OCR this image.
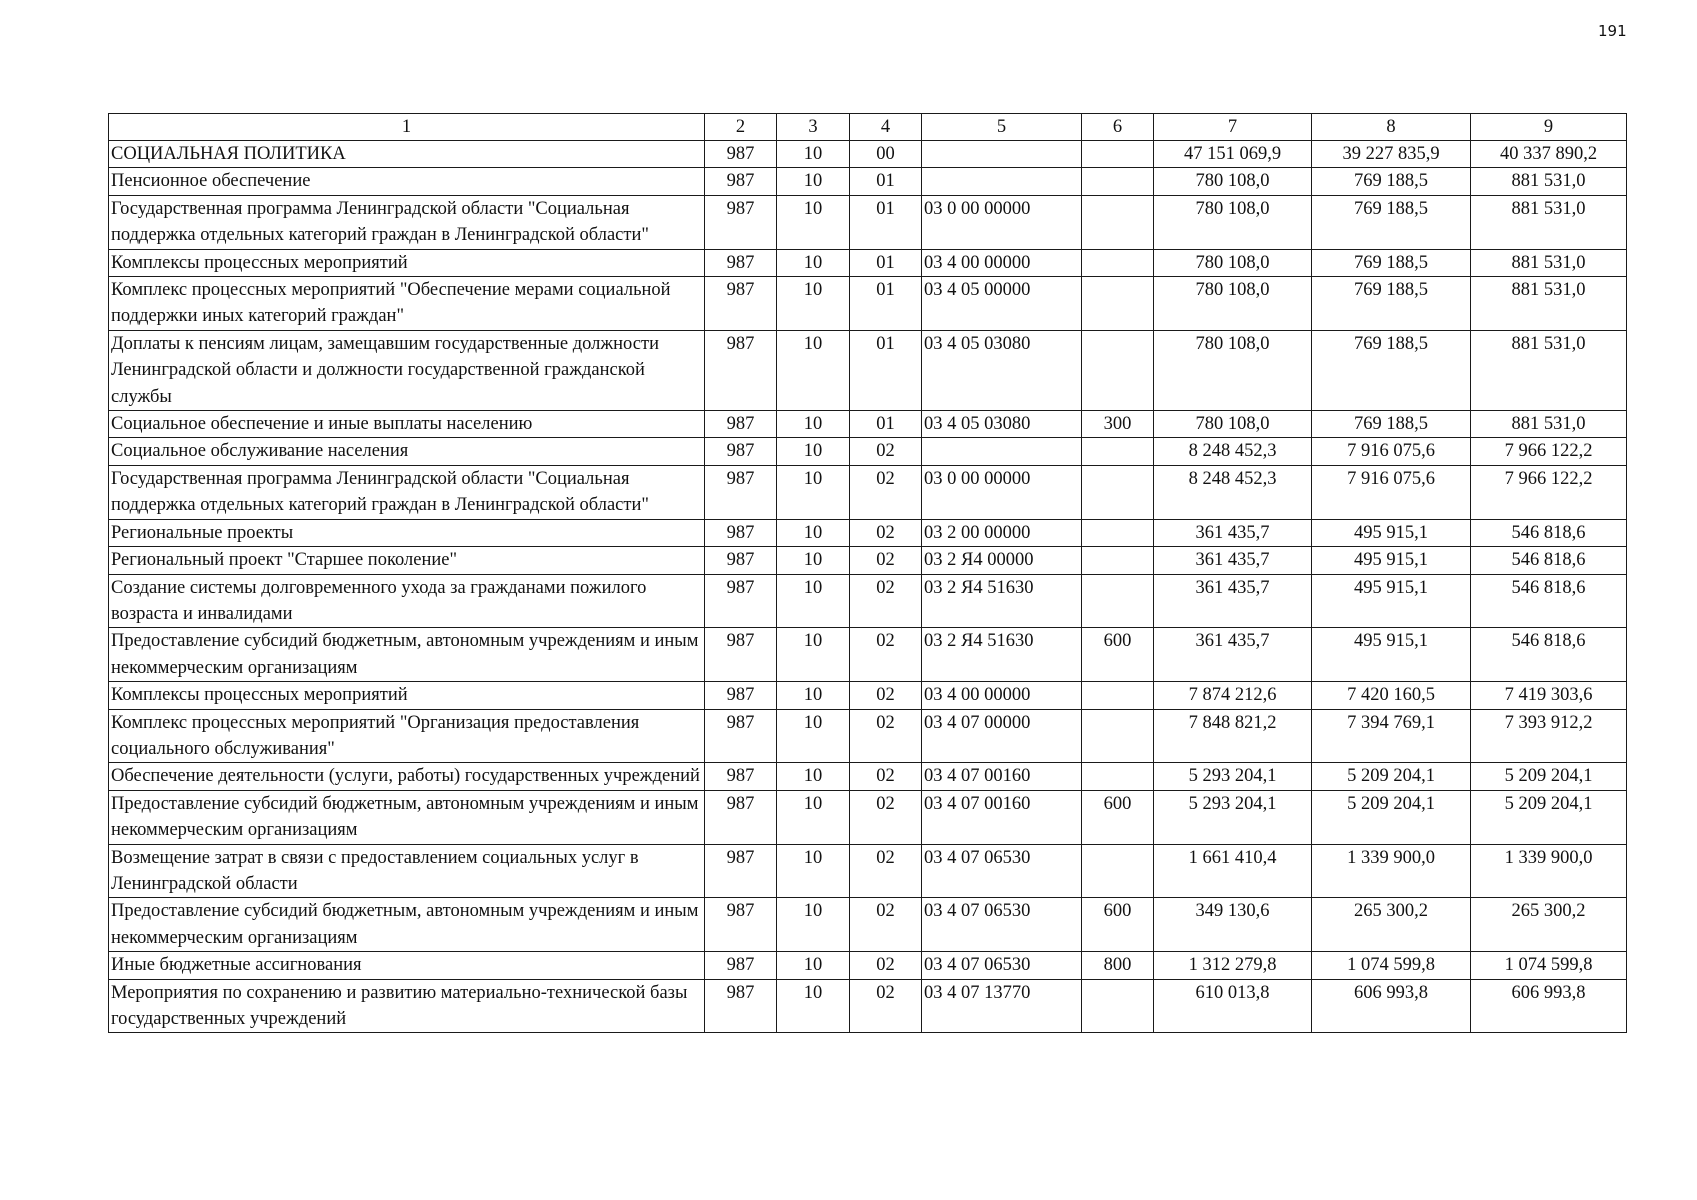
191
1	2	3	4	5	6	7	8	9
СОЦИАЛЬНАЯ ПОЛИТИКА	987	10	00			47 151 069,9	39 227 835,9	40 337 890,2
Пенсионное обеспечение	987	10	01			780 108,0	769 188,5	881 531,0
Государственная программа Ленинградской области "Социальная поддержка отдельных категорий граждан в Ленинградской области"	987	10	01	03 0 00 00000		780 108,0	769 188,5	881 531,0
Комплексы процессных мероприятий	987	10	01	03 4 00 00000		780 108,0	769 188,5	881 531,0
Комплекс процессных мероприятий "Обеспечение мерами социальной поддержки иных категорий граждан"	987	10	01	03 4 05 00000		780 108,0	769 188,5	881 531,0
Доплаты к пенсиям лицам, замещавшим государственные должности Ленинградской области и должности государственной гражданской службы	987	10	01	03 4 05 03080		780 108,0	769 188,5	881 531,0
Социальное обеспечение и иные выплаты населению	987	10	01	03 4 05 03080	300	780 108,0	769 188,5	881 531,0
Социальное обслуживание населения	987	10	02			8 248 452,3	7 916 075,6	7 966 122,2
Государственная программа Ленинградской области "Социальная поддержка отдельных категорий граждан в Ленинградской области"	987	10	02	03 0 00 00000		8 248 452,3	7 916 075,6	7 966 122,2
Региональные проекты	987	10	02	03 2 00 00000		361 435,7	495 915,1	546 818,6
Региональный проект "Старшее поколение"	987	10	02	03 2 Я4 00000		361 435,7	495 915,1	546 818,6
Создание системы долговременного ухода за гражданами пожилого возраста и инвалидами	987	10	02	03 2 Я4 51630		361 435,7	495 915,1	546 818,6
Предоставление субсидий бюджетным, автономным учреждениям и иным некоммерческим организациям	987	10	02	03 2 Я4 51630	600	361 435,7	495 915,1	546 818,6
Комплексы процессных мероприятий	987	10	02	03 4 00 00000		7 874 212,6	7 420 160,5	7 419 303,6
Комплекс процессных мероприятий "Организация предоставления социального обслуживания"	987	10	02	03 4 07 00000		7 848 821,2	7 394 769,1	7 393 912,2
Обеспечение деятельности (услуги, работы) государственных учреждений	987	10	02	03 4 07 00160		5 293 204,1	5 209 204,1	5 209 204,1
Предоставление субсидий бюджетным, автономным учреждениям и иным некоммерческим организациям	987	10	02	03 4 07 00160	600	5 293 204,1	5 209 204,1	5 209 204,1
Возмещение затрат в связи с предоставлением социальных услуг в Ленинградской области	987	10	02	03 4 07 06530		1 661 410,4	1 339 900,0	1 339 900,0
Предоставление субсидий бюджетным, автономным учреждениям и иным некоммерческим организациям	987	10	02	03 4 07 06530	600	349 130,6	265 300,2	265 300,2
Иные бюджетные ассигнования	987	10	02	03 4 07 06530	800	1 312 279,8	1 074 599,8	1 074 599,8
Мероприятия по сохранению и развитию материально-технической базы государственных учреждений	987	10	02	03 4 07 13770		610 013,8	606 993,8	606 993,8
